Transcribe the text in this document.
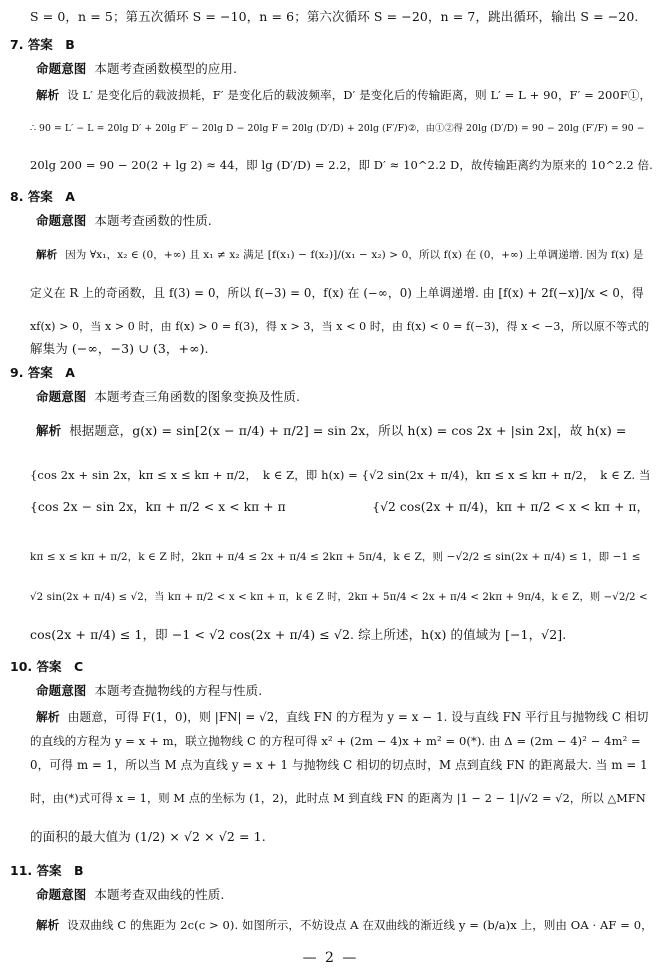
S = 0，n = 5；第五次循环 S = −10，n = 6；第六次循环 S = −20，n = 7，跳出循环，输出 S = −20.
7. 答案　B
命题意图 本题考查函数模型的应用.
解析 设 L′ 是变化后的载波损耗，F′ 是变化后的载波频率，D′ 是变化后的传输距离，则 L′ = L + 90，F′ = 200F①，
∴ 90 = L′ − L = 20lg D′ + 20lg F′ − 20lg D − 20lg F = 20lg (D′/D) + 20lg (F′/F)②，由①②得 20lg (D′/D) = 90 − 20lg (F′/F) = 90 −
20lg 200 = 90 − 20(2 + lg 2) ≈ 44，即 lg (D′/D) = 2.2，即 D′ ≈ 10^2.2 D，故传输距离约为原来的 10^2.2 倍.
8. 答案　A
命题意图 本题考查函数的性质.
解析 因为 ∀x₁，x₂ ∈ (0，+∞) 且 x₁ ≠ x₂ 满足 [f(x₁) − f(x₂)]/(x₁ − x₂) > 0，所以 f(x) 在 (0，+∞) 上单调递增. 因为 f(x) 是
定义在 R 上的奇函数，且 f(3) = 0，所以 f(−3) = 0，f(x) 在 (−∞，0) 上单调递增. 由 [f(x) + 2f(−x)]/x < 0，得
xf(x) > 0，当 x > 0 时，由 f(x) > 0 = f(3)，得 x > 3，当 x < 0 时，由 f(x) < 0 = f(−3)，得 x < −3，所以原不等式的
解集为 (−∞，−3) ∪ (3，+∞).
9. 答案　A
命题意图 本题考查三角函数的图象变换及性质.
解析 根据题意，g(x) = sin[2(x − π/4) + π/2] = sin 2x，所以 h(x) = cos 2x + |sin 2x|，故 h(x) =
{cos 2x + sin 2x，kπ ≤ x ≤ kπ + π/2，　k ∈ Z，即 h(x) = {√2 sin(2x + π/4)，kπ ≤ x ≤ kπ + π/2，　k ∈ Z. 当
{cos 2x − sin 2x，kπ + π/2 < x < kπ + π　　　　　　　{√2 cos(2x + π/4)，kπ + π/2 < x < kπ + π，
kπ ≤ x ≤ kπ + π/2，k ∈ Z 时，2kπ + π/4 ≤ 2x + π/4 ≤ 2kπ + 5π/4，k ∈ Z，则 −√2/2 ≤ sin(2x + π/4) ≤ 1，即 −1 ≤
√2 sin(2x + π/4) ≤ √2，当 kπ + π/2 < x < kπ + π，k ∈ Z 时，2kπ + 5π/4 < 2x + π/4 < 2kπ + 9π/4，k ∈ Z，则 −√2/2 <
cos(2x + π/4) ≤ 1，即 −1 < √2 cos(2x + π/4) ≤ √2. 综上所述，h(x) 的值域为 [−1，√2].
10. 答案　C
命题意图 本题考查抛物线的方程与性质.
解析 由题意，可得 F(1，0)，则 |FN| = √2，直线 FN 的方程为 y = x − 1. 设与直线 FN 平行且与抛物线 C 相切
的直线的方程为 y = x + m，联立抛物线 C 的方程可得 x² + (2m − 4)x + m² = 0(*). 由 Δ = (2m − 4)² − 4m² =
0，可得 m = 1，所以当 M 点为直线 y = x + 1 与抛物线 C 相切的切点时，M 点到直线 FN 的距离最大. 当 m = 1
时，由(*)式可得 x = 1，则 M 点的坐标为 (1，2)，此时点 M 到直线 FN 的距离为 |1 − 2 − 1|/√2 = √2，所以 △MFN
的面积的最大值为 (1/2) × √2 × √2 = 1.
11. 答案　B
命题意图 本题考查双曲线的性质.
解析 设双曲线 C 的焦距为 2c(c > 0). 如图所示，不妨设点 A 在双曲线的渐近线 y = (b/a)x 上，则由 OA · AF = 0，
— 2 —
